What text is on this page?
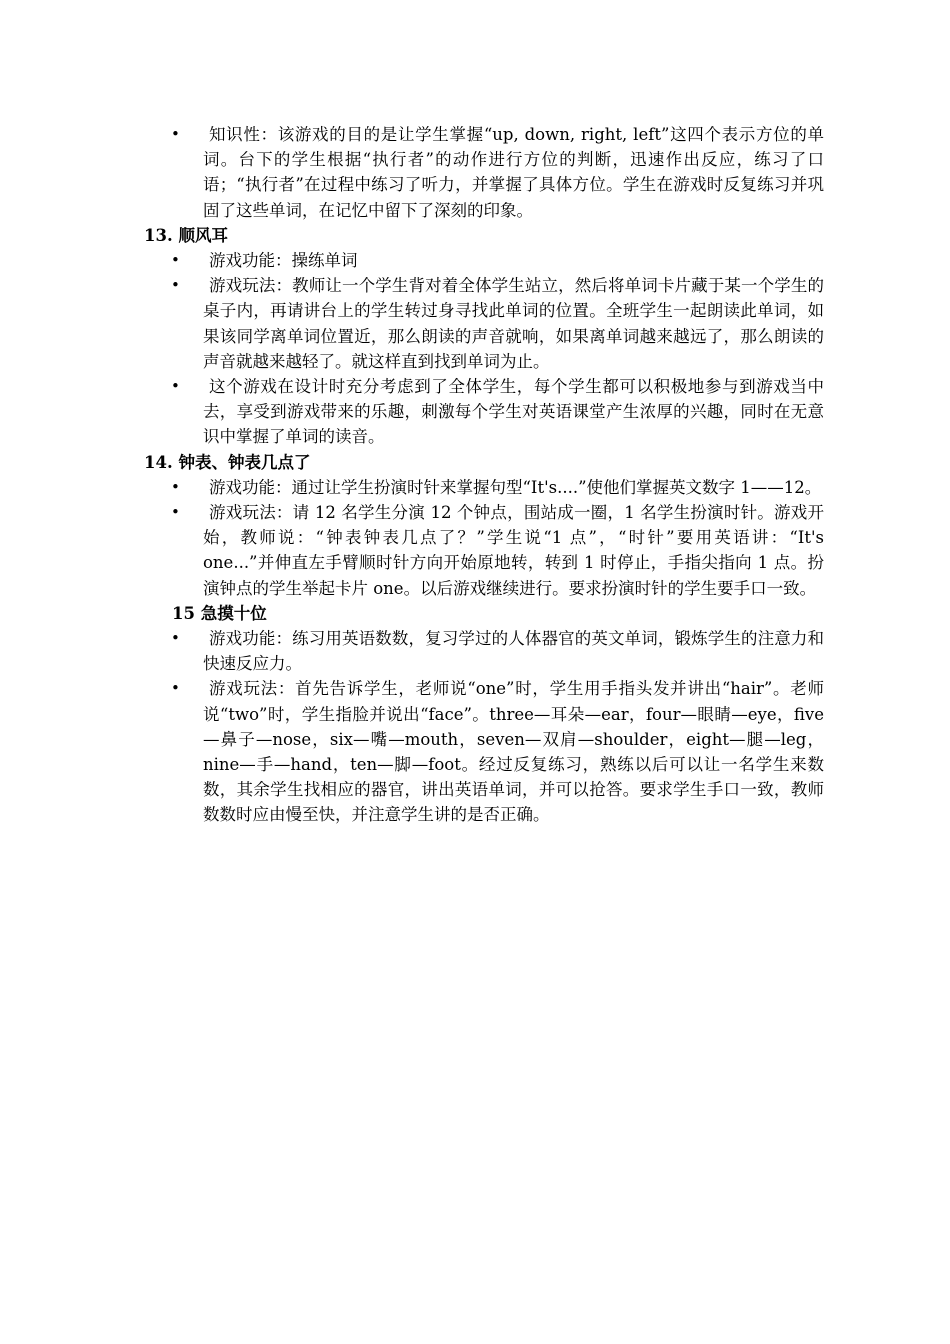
•	知识性：该游戏的目的是让学生掌握“up, down, right, left”这四个表示方位的单词。台下的学生根据“执行者”的动作进行方位的判断，迅速作出反应，练习了口语；“执行者”在过程中练习了听力，并掌握了具体方位。学生在游戏时反复练习并巩固了这些单词，在记忆中留下了深刻的印象。
13. 顺风耳
•	游戏功能：操练单词
•	游戏玩法：教师让一个学生背对着全体学生站立，然后将单词卡片藏于某一个学生的桌子内，再请讲台上的学生转过身寻找此单词的位置。全班学生一起朗读此单词，如果该同学离单词位置近，那么朗读的声音就响，如果离单词越来越远了，那么朗读的声音就越来越轻了。就这样直到找到单词为止。
•	这个游戏在设计时充分考虑到了全体学生，每个学生都可以积极地参与到游戏当中去，享受到游戏带来的乐趣，刺激每个学生对英语课堂产生浓厚的兴趣，同时在无意识中掌握了单词的读音。
14. 钟表、钟表几点了
•	游戏功能：通过让学生扮演时针来掌握句型“It's....”使他们掌握英文数字 1——12。
•	游戏玩法：请 12 名学生分演 12 个钟点，围站成一圈，1 名学生扮演时针。游戏开始，教师说：“钟表钟表几点了？”学生说“1 点”，“时针”要用英语讲：“It's one...”并伸直左手臂顺时针方向开始原地转，转到 1 时停止，手指尖指向 1 点。扮演钟点的学生举起卡片 one。以后游戏继续进行。要求扮演时针的学生要手口一致。
15 急摸十位
•	游戏功能：练习用英语数数，复习学过的人体器官的英文单词，锻炼学生的注意力和快速反应力。
•	游戏玩法：首先告诉学生，老师说“one”时，学生用手指头发并讲出“hair”。老师说“two”时，学生指脸并说出“face”。three—耳朵—ear，four—眼睛—eye，five—鼻子—nose，six—嘴—mouth，seven—双肩—shoulder，eight—腿—leg，nine—手—hand，ten—脚—foot。经过反复练习，熟练以后可以让一名学生来数数，其余学生找相应的器官，讲出英语单词，并可以抢答。要求学生手口一致，教师数数时应由慢至快，并注意学生讲的是否正确。
